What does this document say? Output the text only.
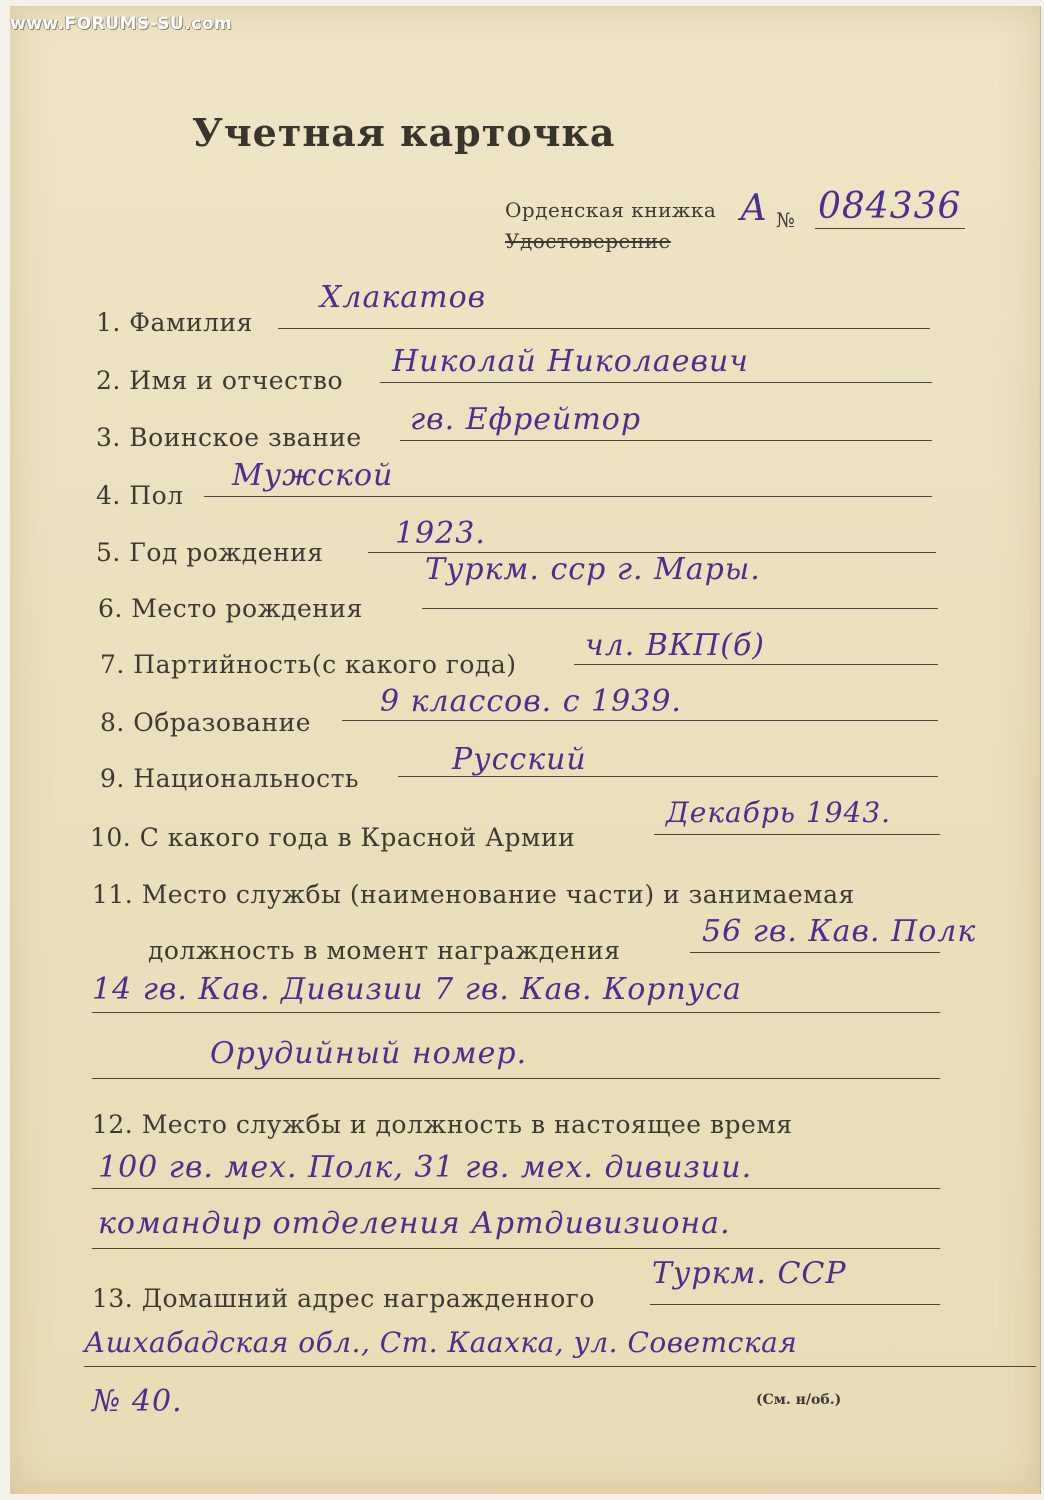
www.FORUMS-SU.com
Учетная карточка
Орденская книжка
Удостоверение
А № 084336
1. Фамилия
Хлакатов
2. Имя и отчество
Николай Николаевич
3. Воинское звание
гв. Ефрейтор
4. Пол
Мужской
5. Год рождения
1923.
6. Место рождения
Туркм. сср г. Мары.
7. Партийность(с какого года)
чл. ВКП(б)
8. Образование
9 классов. с 1939.
9. Национальность
Русский
10. С какого года в Красной Армии
Декабрь 1943.
11. Место службы (наименование части) и занимаемая
должность в момент награждения
56 гв. Кав. Полк
14 гв. Кав. Дивизии 7 гв. Кав. Корпуса
Орудийный номер.
12. Место службы и должность в настоящее время
100 гв. мех. Полк, 31 гв. мех. дивизии.
командир отделения Артдивизиона.
13. Домашний адрес награжденного
Туркм. ССР
Ашхабадская обл., Ст. Каахка, ул. Советская
№ 40.	(См. н/об.)
